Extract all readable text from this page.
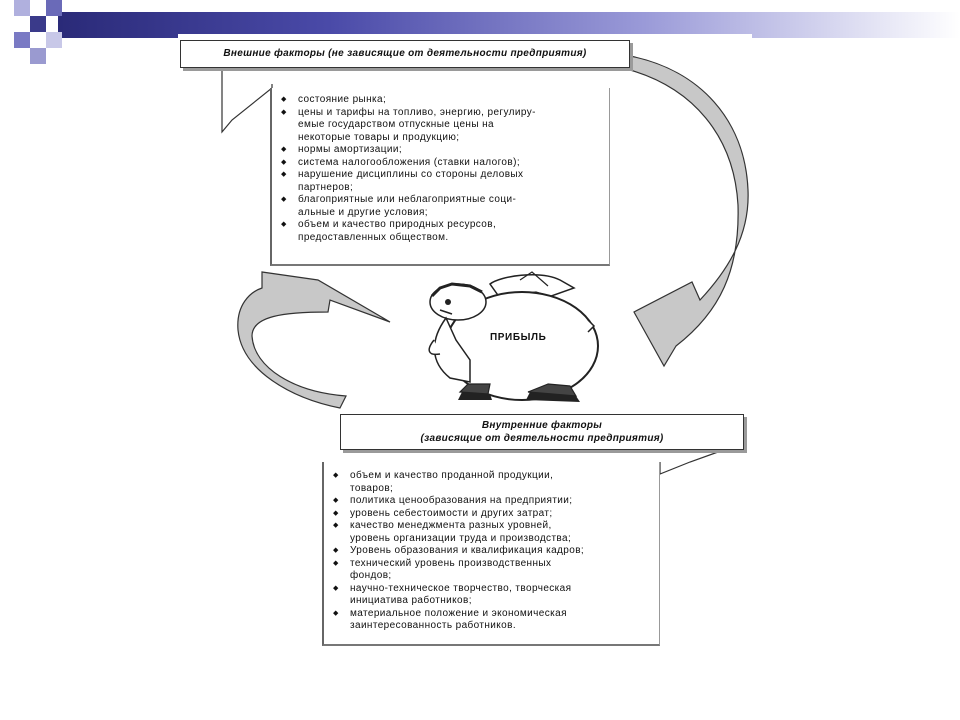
Внешние факторы (не зависящие от деятельности предприятия)
◆ состояние рынка;
◆ цены и тарифы на топливо, энергию, регулиру-
емые государством отпускные цены на
некоторые товары и продукцию;
◆ нормы амортизации;
◆ система налогообложения (ставки налогов);
◆ нарушение дисциплины со стороны деловых
партнеров;
◆ благоприятные или неблагоприятные соци-
альные и другие условия;
◆ объем и качество природных ресурсов,
предоставленных обществом.
ПРИБЫЛЬ
Внутренние факторы
(зависящие от деятельности предприятия)
◆ объем и качество проданной продукции,
товаров;
◆ политика ценообразования на предприятии;
◆ уровень себестоимости и других затрат;
◆ качество менеджмента разных уровней,
уровень организации труда и производства;
◆ Уровень образования и квалификация кадров;
◆ технический уровень производственных
фондов;
◆ научно-техническое творчество, творческая
инициатива работников;
◆ материальное положение и экономическая
заинтересованность работников.
